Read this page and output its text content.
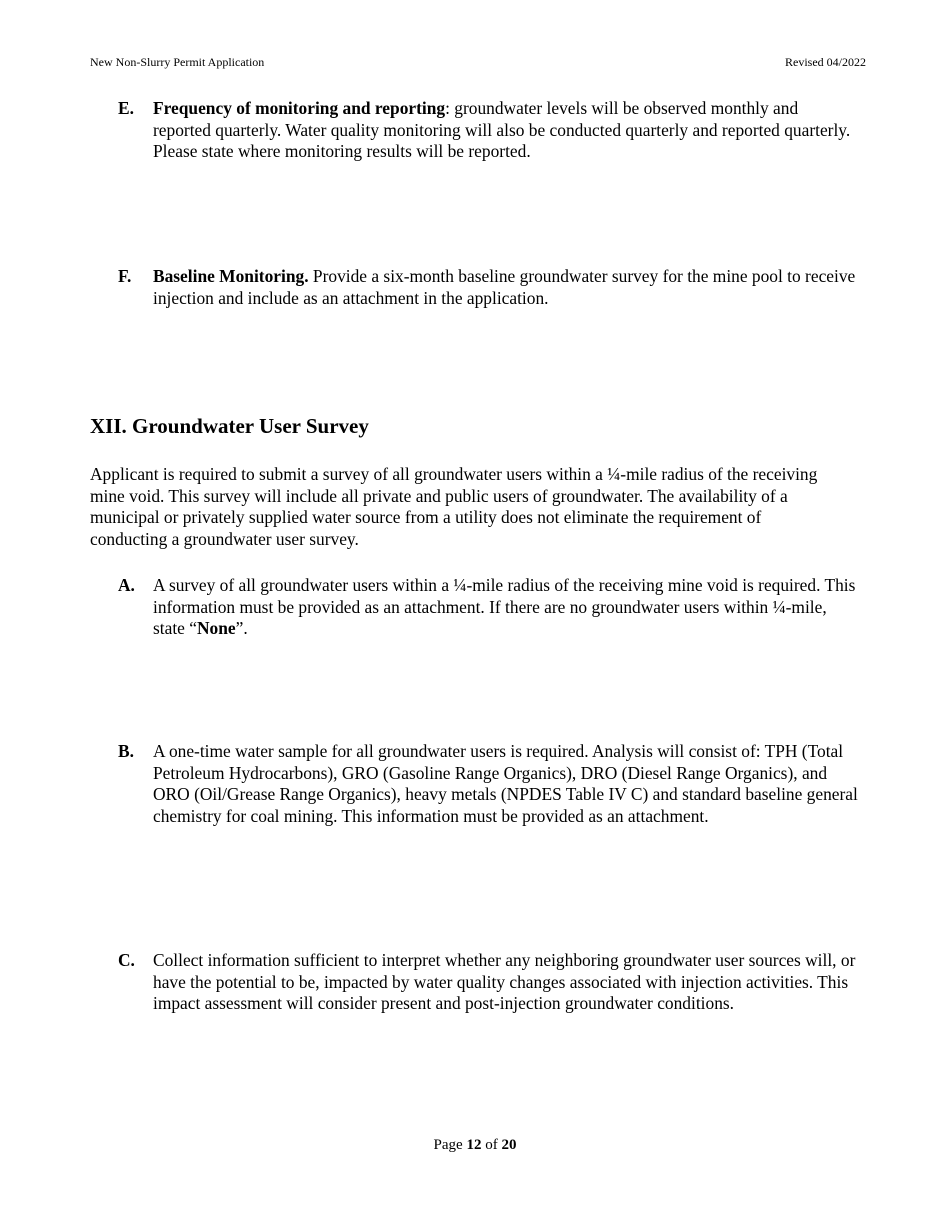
New Non-Slurry Permit Application	Revised 04/2022
E. Frequency of monitoring and reporting: groundwater levels will be observed monthly and reported quarterly. Water quality monitoring will also be conducted quarterly and reported quarterly. Please state where monitoring results will be reported.
F. Baseline Monitoring. Provide a six-month baseline groundwater survey for the mine pool to receive injection and include as an attachment in the application.
XII. Groundwater User Survey
Applicant is required to submit a survey of all groundwater users within a ¼-mile radius of the receiving mine void. This survey will include all private and public users of groundwater. The availability of a municipal or privately supplied water source from a utility does not eliminate the requirement of conducting a groundwater user survey.
A. A survey of all groundwater users within a ¼-mile radius of the receiving mine void is required. This information must be provided as an attachment. If there are no groundwater users within ¼-mile, state “None”.
B. A one-time water sample for all groundwater users is required. Analysis will consist of: TPH (Total Petroleum Hydrocarbons), GRO (Gasoline Range Organics), DRO (Diesel Range Organics), and ORO (Oil/Grease Range Organics), heavy metals (NPDES Table IV C) and standard baseline general chemistry for coal mining. This information must be provided as an attachment.
C. Collect information sufficient to interpret whether any neighboring groundwater user sources will, or have the potential to be, impacted by water quality changes associated with injection activities. This impact assessment will consider present and post-injection groundwater conditions.
Page 12 of 20
